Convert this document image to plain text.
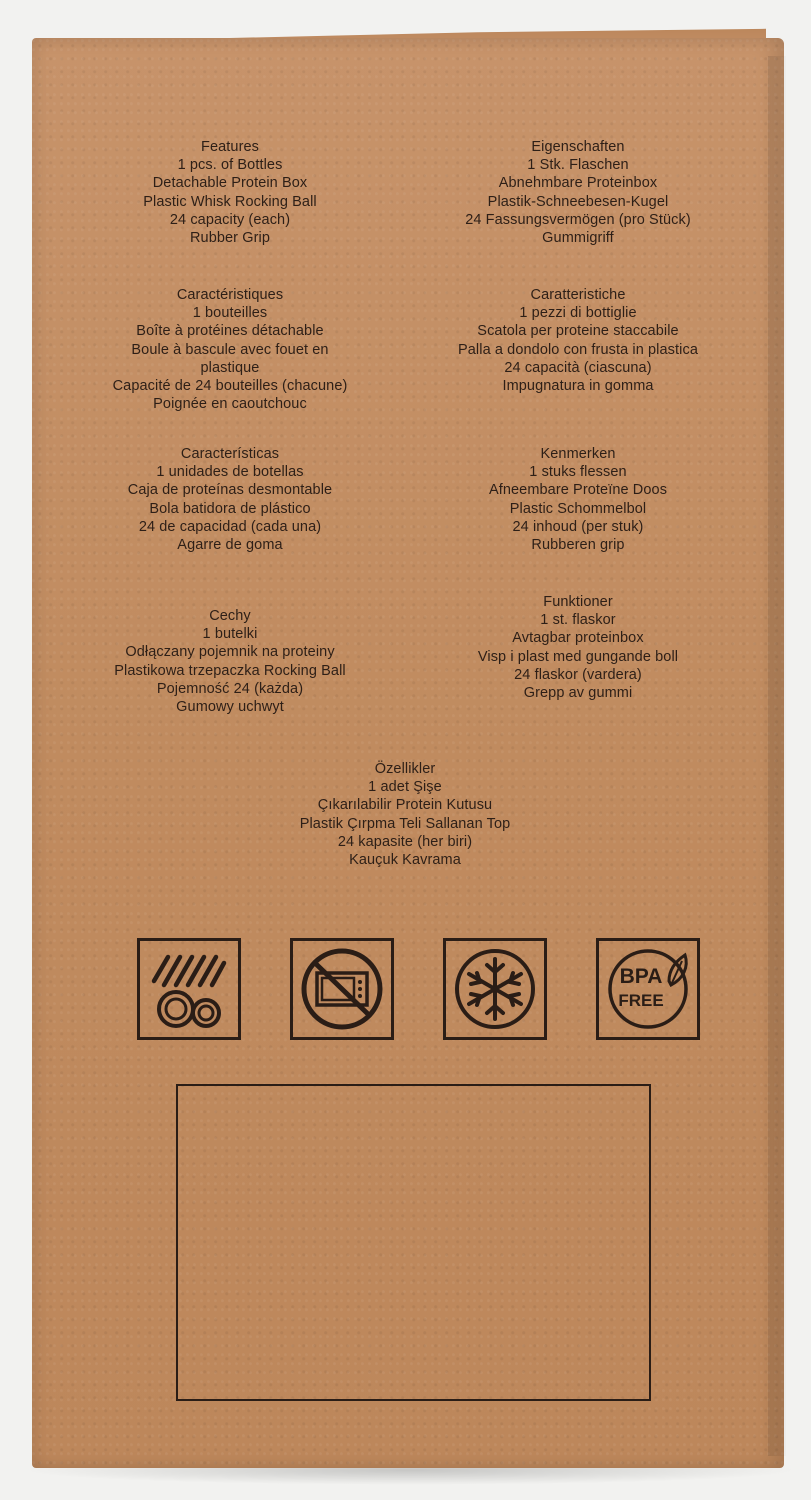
Features
1 pcs. of Bottles
Detachable Protein Box
Plastic Whisk Rocking Ball
24 capacity (each)
Rubber Grip
Eigenschaften
1 Stk. Flaschen
Abnehmbare Proteinbox
Plastik-Schneebesen-Kugel
24 Fassungsvermögen (pro Stück)
Gummigriff
Caractéristiques
1 bouteilles
Boîte à protéines détachable
Boule à bascule avec fouet en
plastique
Capacité de 24 bouteilles (chacune)
Poignée en caoutchouc
Caratteristiche
1 pezzi di bottiglie
Scatola per proteine staccabile
Palla a dondolo con frusta in plastica
24 capacità (ciascuna)
Impugnatura in gomma
Características
1 unidades de botellas
Caja de proteínas desmontable
Bola batidora de plástico
24 de capacidad (cada una)
Agarre de goma
Kenmerken
1 stuks flessen
Afneembare Proteïne Doos
Plastic Schommelbol
24 inhoud (per stuk)
Rubberen grip
Cechy
1 butelki
Odłączany pojemnik na proteiny
Plastikowa trzepaczka Rocking Ball
Pojemność 24 (każda)
Gumowy uchwyt
Funktioner
1 st. flaskor
Avtagbar proteinbox
Visp i plast med gungande boll
24 flaskor (vardera)
Grepp av gummi
Özellikler
1 adet Şişe
Çıkarılabilir Protein Kutusu
Plastik Çırpma Teli Sallanan Top
24 kapasite (her biri)
Kauçuk Kavrama
BPA
FREE
